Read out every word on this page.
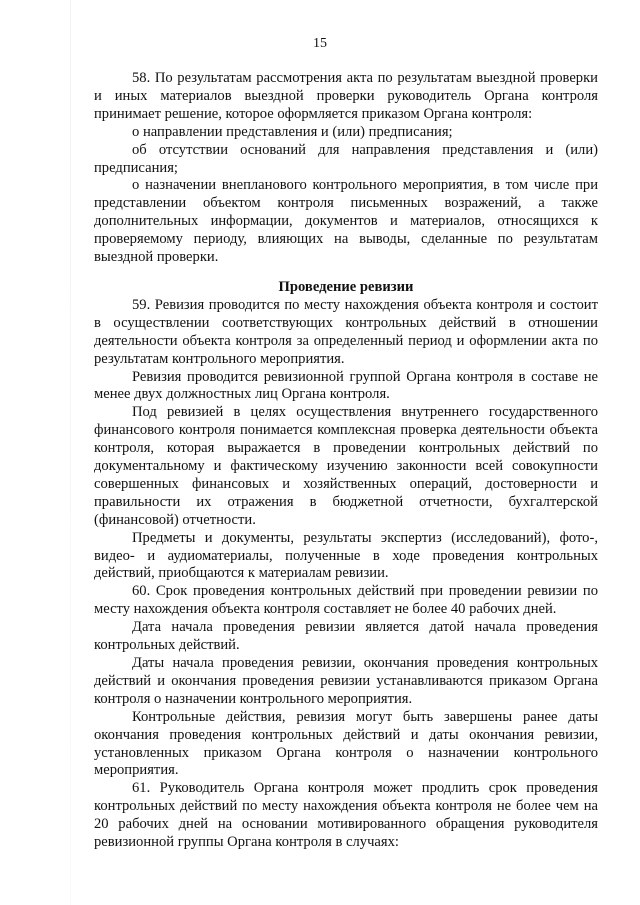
15

58. По результатам рассмотрения акта по результатам выездной проверки и иных материалов выездной проверки руководитель Органа контроля принимает решение, которое оформляется приказом Органа контроля:

о направлении представления и (или) предписания;

об отсутствии оснований для направления представления и (или) предписания;

о назначении внепланового контрольного мероприятия, в том числе при представлении объектом контроля письменных возражений, а также дополнительных информации, документов и материалов, относящихся к проверяемому периоду, влияющих на выводы, сделанные по результатам выездной проверки.

Проведение ревизии

59. Ревизия проводится по месту нахождения объекта контроля и состоит в осуществлении соответствующих контрольных действий в отношении деятельности объекта контроля за определенный период и оформлении акта по результатам контрольного мероприятия.

Ревизия проводится ревизионной группой Органа контроля в составе не менее двух должностных лиц Органа контроля.

Под ревизией в целях осуществления внутреннего государственного финансового контроля понимается комплексная проверка деятельности объекта контроля, которая выражается в проведении контрольных действий по документальному и фактическому изучению законности всей совокупности совершенных финансовых и хозяйственных операций, достоверности и правильности их отражения в бюджетной отчетности, бухгалтерской (финансовой) отчетности.

Предметы и документы, результаты экспертиз (исследований), фото-, видео- и аудиоматериалы, полученные в ходе проведения контрольных действий, приобщаются к материалам ревизии.

60. Срок проведения контрольных действий при проведении ревизии по месту нахождения объекта контроля составляет не более 40 рабочих дней.

Дата начала проведения ревизии является датой начала проведения контрольных действий.

Даты начала проведения ревизии, окончания проведения контрольных действий и окончания проведения ревизии устанавливаются приказом Органа контроля о назначении контрольного мероприятия.

Контрольные действия, ревизия могут быть завершены ранее даты окончания проведения контрольных действий и даты окончания ревизии, установленных приказом Органа контроля о назначении контрольного мероприятия.

61. Руководитель Органа контроля может продлить срок проведения контрольных действий по месту нахождения объекта контроля не более чем на 20 рабочих дней на основании мотивированного обращения руководителя ревизионной группы Органа контроля в случаях:
